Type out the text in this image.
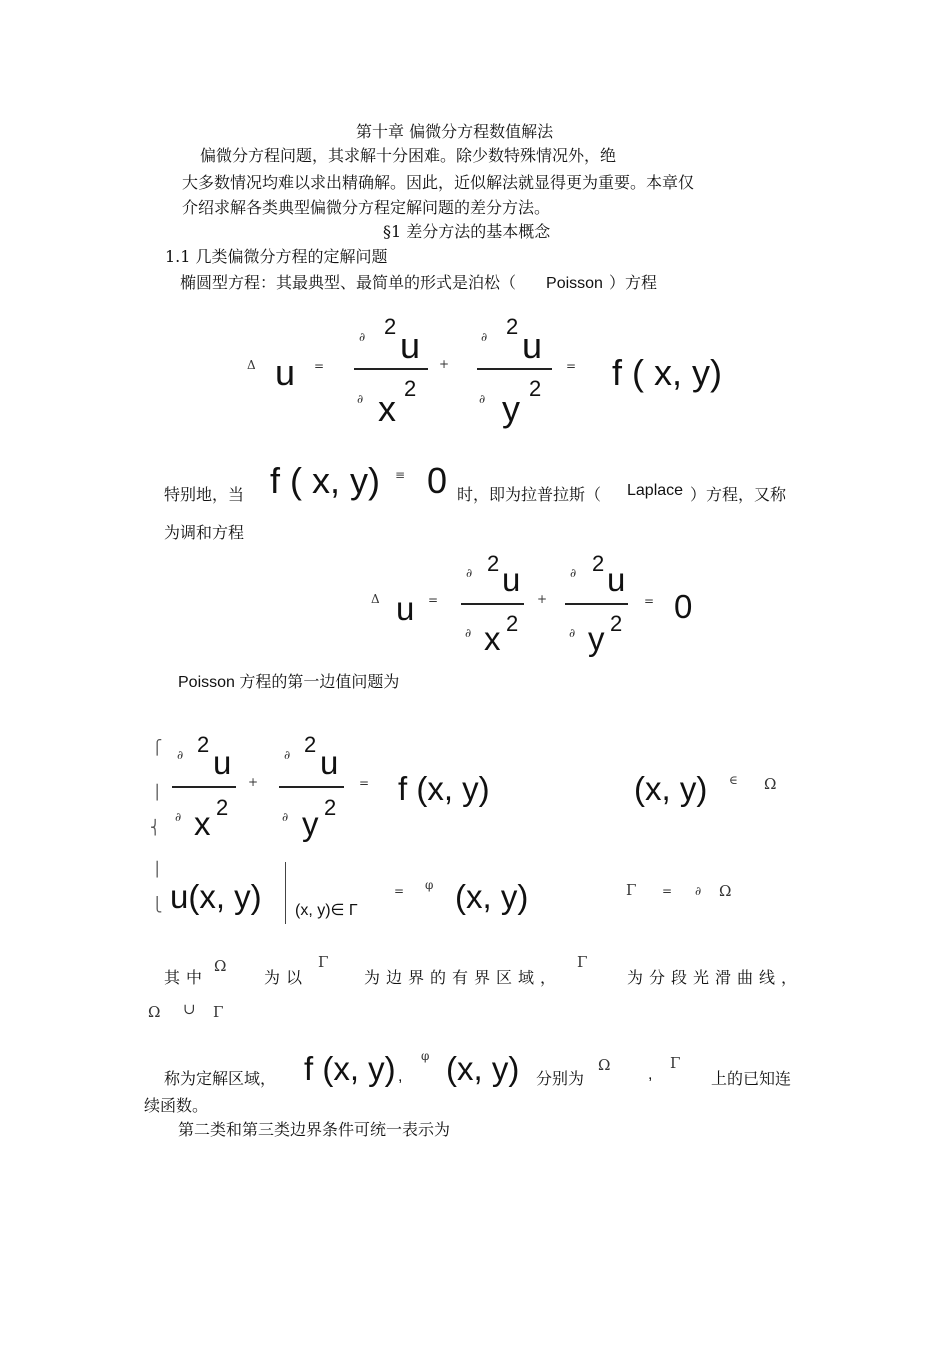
第十章 偏微分方程数值解法
偏微分方程问题，其求解十分困难。除少数特殊情况外，绝
大多数情况均难以求出精确解。因此，近似解法就显得更为重要。本章仅
介绍求解各类典型偏微分方程定解问题的差分方法。
§1 差分方法的基本概念
1.1 几类偏微分方程的定解问题
椭圆型方程：其最典型、最简单的形式是泊松（ Poisson ）方程
Δ u =
∂ 2 u
∂ x 2
+
∂ 2 u
∂ y 2
= f ( x, y)
特别地，当 f ( x, y) ≡ 0 时，即为拉普拉斯（ Laplace ）方程，又称
为调和方程
Δ u =
∂ 2 u
∂ x 2
+
∂ 2 u
∂ y 2
= 0
Poisson 方程的第一边值问题为
⎧
⎪
⎨
⎪
⎩
∂ 2 u
∂ x 2
+
∂ 2 u
∂ y 2
= f (x, y)	(x, y) ∈ Ω
u(x, y) (x, y)∈ Γ
= φ (x, y)	Γ = ∂ Ω
其中
Ω
为以
Γ
为边界的有界区域，
Γ
为分段光滑曲线，
Ω ∪ Γ
称为定解区域， f (x, y) ,
φ (x, y) 分别为
Ω
,
Γ
上的已知连
续函数。
第二类和第三类边界条件可统一表示为
